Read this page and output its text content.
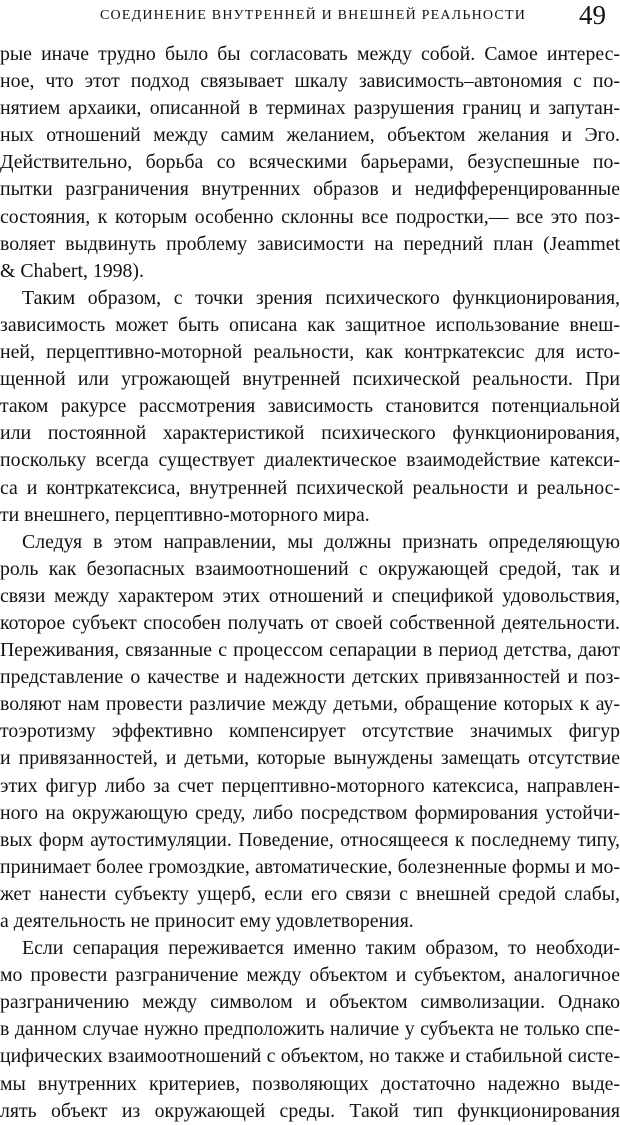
СОЕДИНЕНИЕ ВНУТРЕННЕЙ И ВНЕШНЕЙ РЕАЛЬНОСТИ 49
рые иначе трудно было бы согласовать между собой. Самое интерес-
ное, что этот подход связывает шкалу зависимость–автономия с по-
нятием архаики, описанной в терминах разрушения границ и запутан-
ных отношений между самим желанием, объектом желания и Эго.
Действительно, борьба со всяческими барьерами, безуспешные по-
пытки разграничения внутренних образов и недифференцированные
состояния, к которым особенно склонны все подростки,— все это поз-
воляет выдвинуть проблему зависимости на передний план (Jeammet
& Chabert, 1998).
Таким образом, с точки зрения психического функционирования,
зависимость может быть описана как защитное использование внеш-
ней, перцептивно-моторной реальности, как контркатексис для исто-
щенной или угрожающей внутренней психической реальности. При
таком ракурсе рассмотрения зависимость становится потенциальной
или постоянной характеристикой психического функционирования,
поскольку всегда существует диалектическое взаимодействие катекси-
са и контркатексиса, внутренней психической реальности и реальнос-
ти внешнего, перцептивно-моторного мира.
Следуя в этом направлении, мы должны признать определяющую
роль как безопасных взаимоотношений с окружающей средой, так и
связи между характером этих отношений и спецификой удовольствия,
которое субъект способен получать от своей собственной деятельности.
Переживания, связанные с процессом сепарации в период детства, дают
представление о качестве и надежности детских привязанностей и поз-
воляют нам провести различие между детьми, обращение которых к ау-
тоэротизму эффективно компенсирует отсутствие значимых фигур
и привязанностей, и детьми, которые вынуждены замещать отсутствие
этих фигур либо за счет перцептивно-моторного катексиса, направлен-
ного на окружающую среду, либо посредством формирования устойчи-
вых форм аутостимуляции. Поведение, относящееся к последнему типу,
принимает более громоздкие, автоматические, болезненные формы и мо-
жет нанести субъекту ущерб, если его связи с внешней средой слабы,
а деятельность не приносит ему удовлетворения.
Если сепарация переживается именно таким образом, то необходи-
мо провести разграничение между объектом и субъектом, аналогичное
разграничению между символом и объектом символизации. Однако
в данном случае нужно предположить наличие у субъекта не только спе-
цифических взаимоотношений с объектом, но также и стабильной систе-
мы внутренних критериев, позволяющих достаточно надежно выде-
лять объект из окружающей среды. Такой тип функционирования
